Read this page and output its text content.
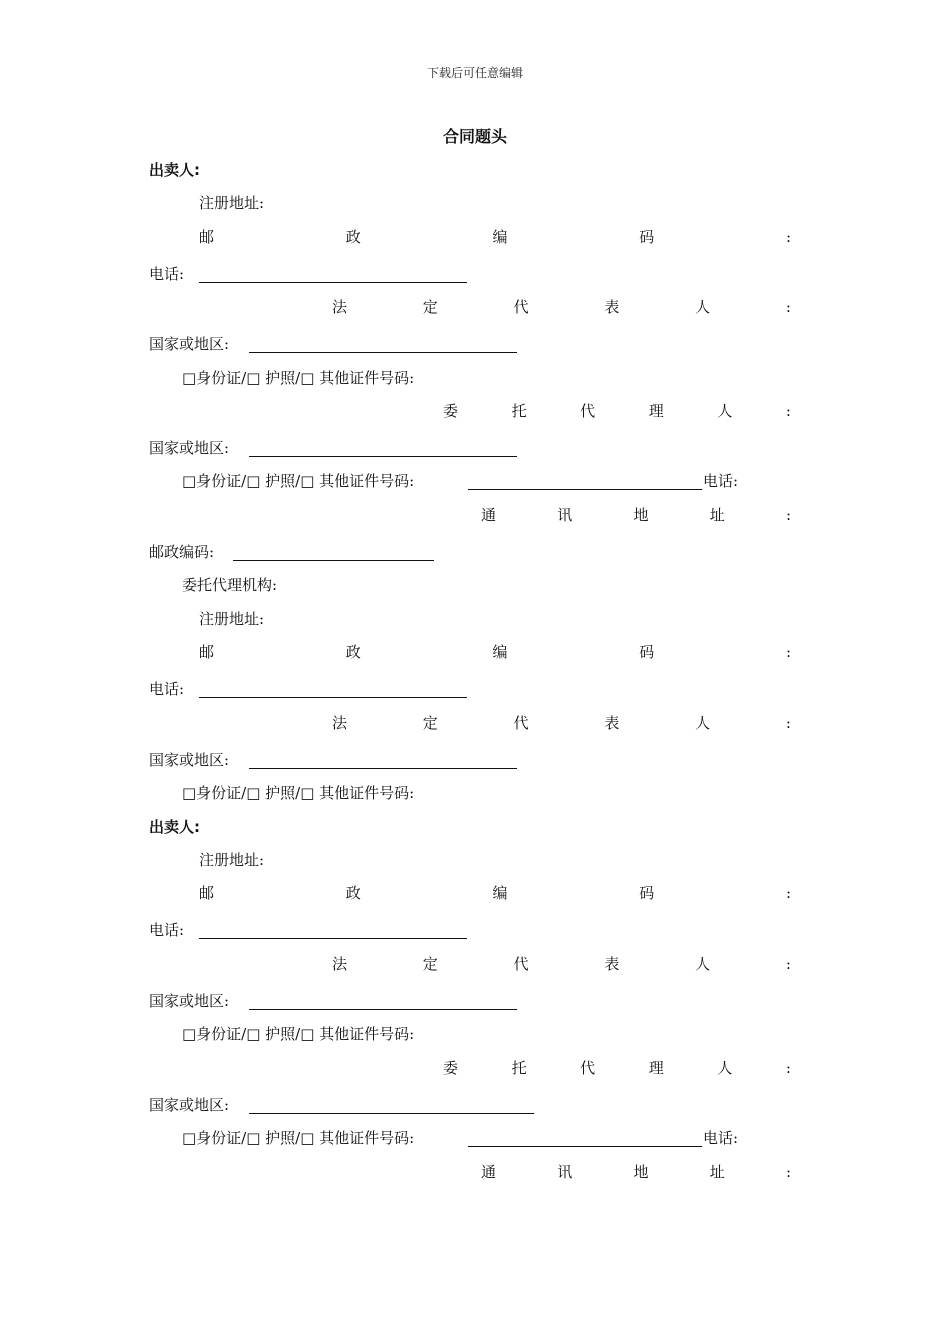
下载后可任意编辑
合同题头
出卖人:
注册地址:
邮	政	编	码	:
电话:
法	定	代	表	人	:
国家或地区:
□身份证/□ 护照/□ 其他证件号码:
委	托	代	理	人	:
国家或地区:
□身份证/□ 护照/□ 其他证件号码:	电话:
通	讯	地	址	:
邮政编码:
委托代理机构:
注册地址:
邮	政	编	码	:
电话:
法	定	代	表	人	:
国家或地区:
□身份证/□ 护照/□ 其他证件号码:
出卖人:
注册地址:
邮	政	编	码	:
电话:
法	定	代	表	人	:
国家或地区:
□身份证/□ 护照/□ 其他证件号码:
委	托	代	理	人	:
国家或地区:
□身份证/□ 护照/□ 其他证件号码:	电话:
通	讯	地	址	:
